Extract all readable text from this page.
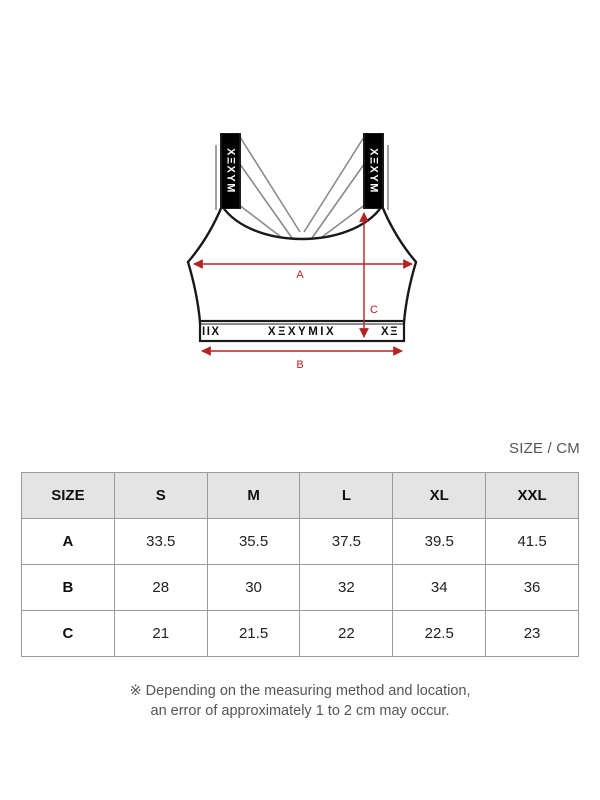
XΞXYM	XΞXYM
IIX	XΞXYMIX	XΞ
A
C
B
SIZE / CM
SIZE	S	M	L	XL	XXL
A	33.5	35.5	37.5	39.5	41.5
B	28	30	32	34	36
C	21	21.5	22	22.5	23
※ Depending on the measuring method and location,
an error of approximately 1 to 2 cm may occur.
